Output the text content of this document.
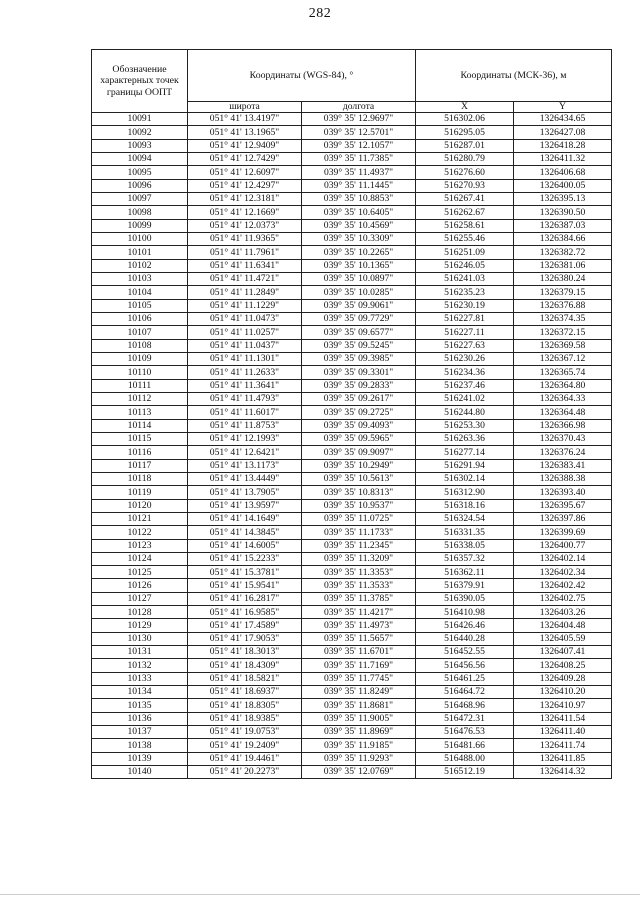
282
Обозначение характерных точек границы ООПТ	Координаты (WGS-84), °		Координаты (МСК-36), м	
	широта	долгота	X	Y
10091	051° 41' 13.4197"	039° 35' 12.9697"	516302.06	1326434.65
10092	051° 41' 13.1965"	039° 35' 12.5701"	516295.05	1326427.08
10093	051° 41' 12.9409"	039° 35' 12.1057"	516287.01	1326418.28
10094	051° 41' 12.7429"	039° 35' 11.7385"	516280.79	1326411.32
10095	051° 41' 12.6097"	039° 35' 11.4937"	516276.60	1326406.68
10096	051° 41' 12.4297"	039° 35' 11.1445"	516270.93	1326400.05
10097	051° 41' 12.3181"	039° 35' 10.8853"	516267.41	1326395.13
10098	051° 41' 12.1669"	039° 35' 10.6405"	516262.67	1326390.50
10099	051° 41' 12.0373"	039° 35' 10.4569"	516258.61	1326387.03
10100	051° 41' 11.9365"	039° 35' 10.3309"	516255.46	1326384.66
10101	051° 41' 11.7961"	039° 35' 10.2265"	516251.09	1326382.72
10102	051° 41' 11.6341"	039° 35' 10.1365"	516246.05	1326381.06
10103	051° 41' 11.4721"	039° 35' 10.0897"	516241.03	1326380.24
10104	051° 41' 11.2849"	039° 35' 10.0285"	516235.23	1326379.15
10105	051° 41' 11.1229"	039° 35' 09.9061"	516230.19	1326376.88
10106	051° 41' 11.0473"	039° 35' 09.7729"	516227.81	1326374.35
10107	051° 41' 11.0257"	039° 35' 09.6577"	516227.11	1326372.15
10108	051° 41' 11.0437"	039° 35' 09.5245"	516227.63	1326369.58
10109	051° 41' 11.1301"	039° 35' 09.3985"	516230.26	1326367.12
10110	051° 41' 11.2633"	039° 35' 09.3301"	516234.36	1326365.74
10111	051° 41' 11.3641"	039° 35' 09.2833"	516237.46	1326364.80
10112	051° 41' 11.4793"	039° 35' 09.2617"	516241.02	1326364.33
10113	051° 41' 11.6017"	039° 35' 09.2725"	516244.80	1326364.48
10114	051° 41' 11.8753"	039° 35' 09.4093"	516253.30	1326366.98
10115	051° 41' 12.1993"	039° 35' 09.5965"	516263.36	1326370.43
10116	051° 41' 12.6421"	039° 35' 09.9097"	516277.14	1326376.24
10117	051° 41' 13.1173"	039° 35' 10.2949"	516291.94	1326383.41
10118	051° 41' 13.4449"	039° 35' 10.5613"	516302.14	1326388.38
10119	051° 41' 13.7905"	039° 35' 10.8313"	516312.90	1326393.40
10120	051° 41' 13.9597"	039° 35' 10.9537"	516318.16	1326395.67
10121	051° 41' 14.1649"	039° 35' 11.0725"	516324.54	1326397.86
10122	051° 41' 14.3845"	039° 35' 11.1733"	516331.35	1326399.69
10123	051° 41' 14.6005"	039° 35' 11.2345"	516338.05	1326400.77
10124	051° 41' 15.2233"	039° 35' 11.3209"	516357.32	1326402.14
10125	051° 41' 15.3781"	039° 35' 11.3353"	516362.11	1326402.34
10126	051° 41' 15.9541"	039° 35' 11.3533"	516379.91	1326402.42
10127	051° 41' 16.2817"	039° 35' 11.3785"	516390.05	1326402.75
10128	051° 41' 16.9585"	039° 35' 11.4217"	516410.98	1326403.26
10129	051° 41' 17.4589"	039° 35' 11.4973"	516426.46	1326404.48
10130	051° 41' 17.9053"	039° 35' 11.5657"	516440.28	1326405.59
10131	051° 41' 18.3013"	039° 35' 11.6701"	516452.55	1326407.41
10132	051° 41' 18.4309"	039° 35' 11.7169"	516456.56	1326408.25
10133	051° 41' 18.5821"	039° 35' 11.7745"	516461.25	1326409.28
10134	051° 41' 18.6937"	039° 35' 11.8249"	516464.72	1326410.20
10135	051° 41' 18.8305"	039° 35' 11.8681"	516468.96	1326410.97
10136	051° 41' 18.9385"	039° 35' 11.9005"	516472.31	1326411.54
10137	051° 41' 19.0753"	039° 35' 11.8969"	516476.53	1326411.40
10138	051° 41' 19.2409"	039° 35' 11.9185"	516481.66	1326411.74
10139	051° 41' 19.4461"	039° 35' 11.9293"	516488.00	1326411.85
10140	051° 41' 20.2273"	039° 35' 12.0769"	516512.19	1326414.32
